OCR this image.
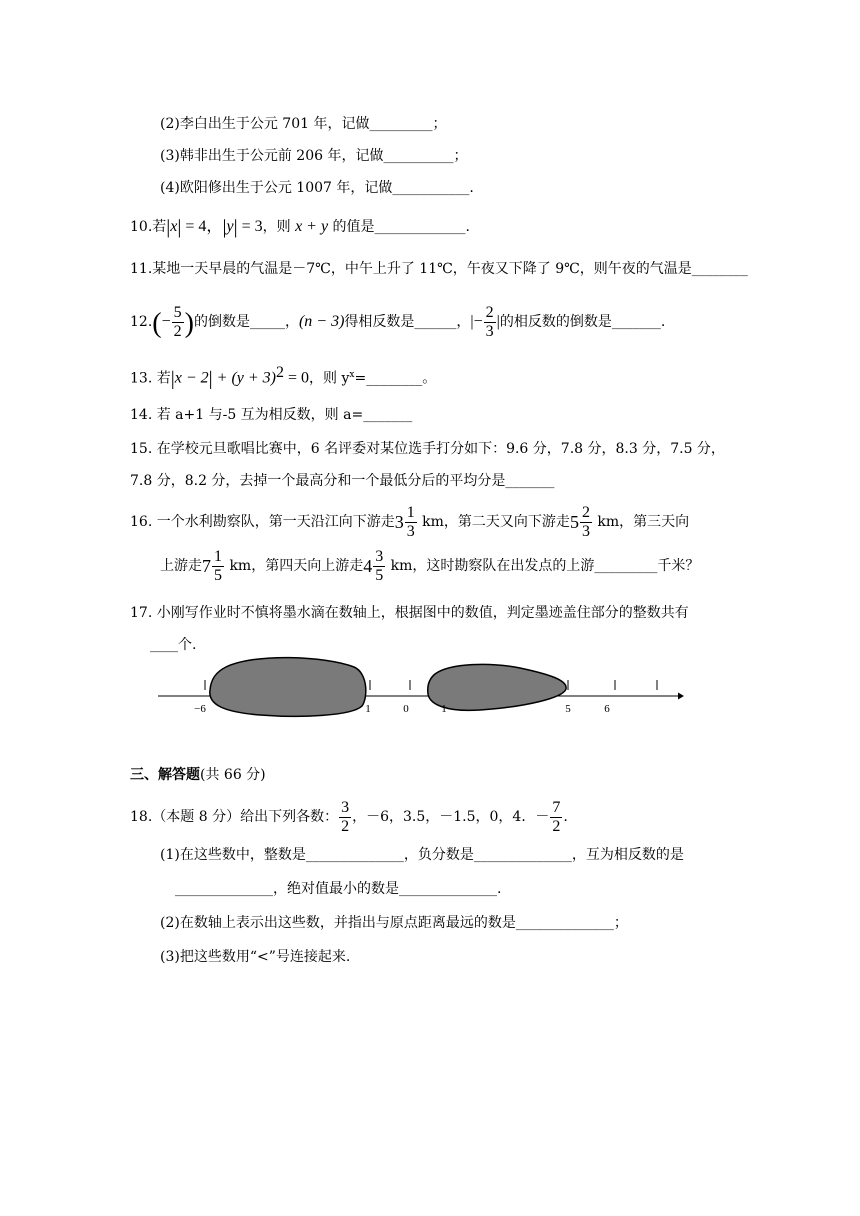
(2)李白出生于公元 701 年，记做_________；
(3)韩非出生于公元前 206 年，记做__________；
(4)欧阳修出生于公元 1007 年，记做___________.
10.若|x| = 4，|y| = 3，则 x + y 的值是_____________.
11.某地一天早晨的气温是－7℃，中午上升了 11℃，午夜又下降了 9℃，则午夜的气温是________
$12.(- \frac{5}{2}$ )的倒数是_____，(n − 3)得相反数是______，|− $\frac{2}{3}$ |的相反数的倒数是_______.
13. 若$|x - 2| + (y + 3)^2 = 0$，则 $y^x=\_\_\_\_\_\_\_\_$。
14. 若 a+1 与-5 互为相反数，则 a=_______
15. 在学校元旦歌唱比赛中，6 名评委对某位选手打分如下：9.6 分，7.8 分，8.3 分，7.5 分，
7.8 分，8.2 分，去掉一个最高分和一个最低分后的平均分是_______
16. 一个水利勘察队，第一天沿江向下游走$3 \frac{1}{3}$ km，第二天又向下游走$5 \frac{2}{3}$ km，第三天向
上游走$7 \frac{1}{5}$ km，第四天向上游走$4 \frac{3}{5}$ km，这时勘察队在出发点的上游_________千米？
17. 小刚写作业时不慎将墨水滴在数轴上，根据图中的数值，判定墨迹盖住部分的整数共有
____个.
−6	1	0	1	5	6
三、解答题(共 66 分)
18.（本题 8 分）给出下列各数： $\frac{3}{2}$ ，－6，3.5，－1.5，0，4．－ $\frac{7}{2}$ .
(1)在这些数中，整数是______________，负分数是______________，互为相反数的是
______________，绝对值最小的数是______________.
(2)在数轴上表示出这些数，并指出与原点距离最远的数是______________；
(3)把这些数用“<”号连接起来.
